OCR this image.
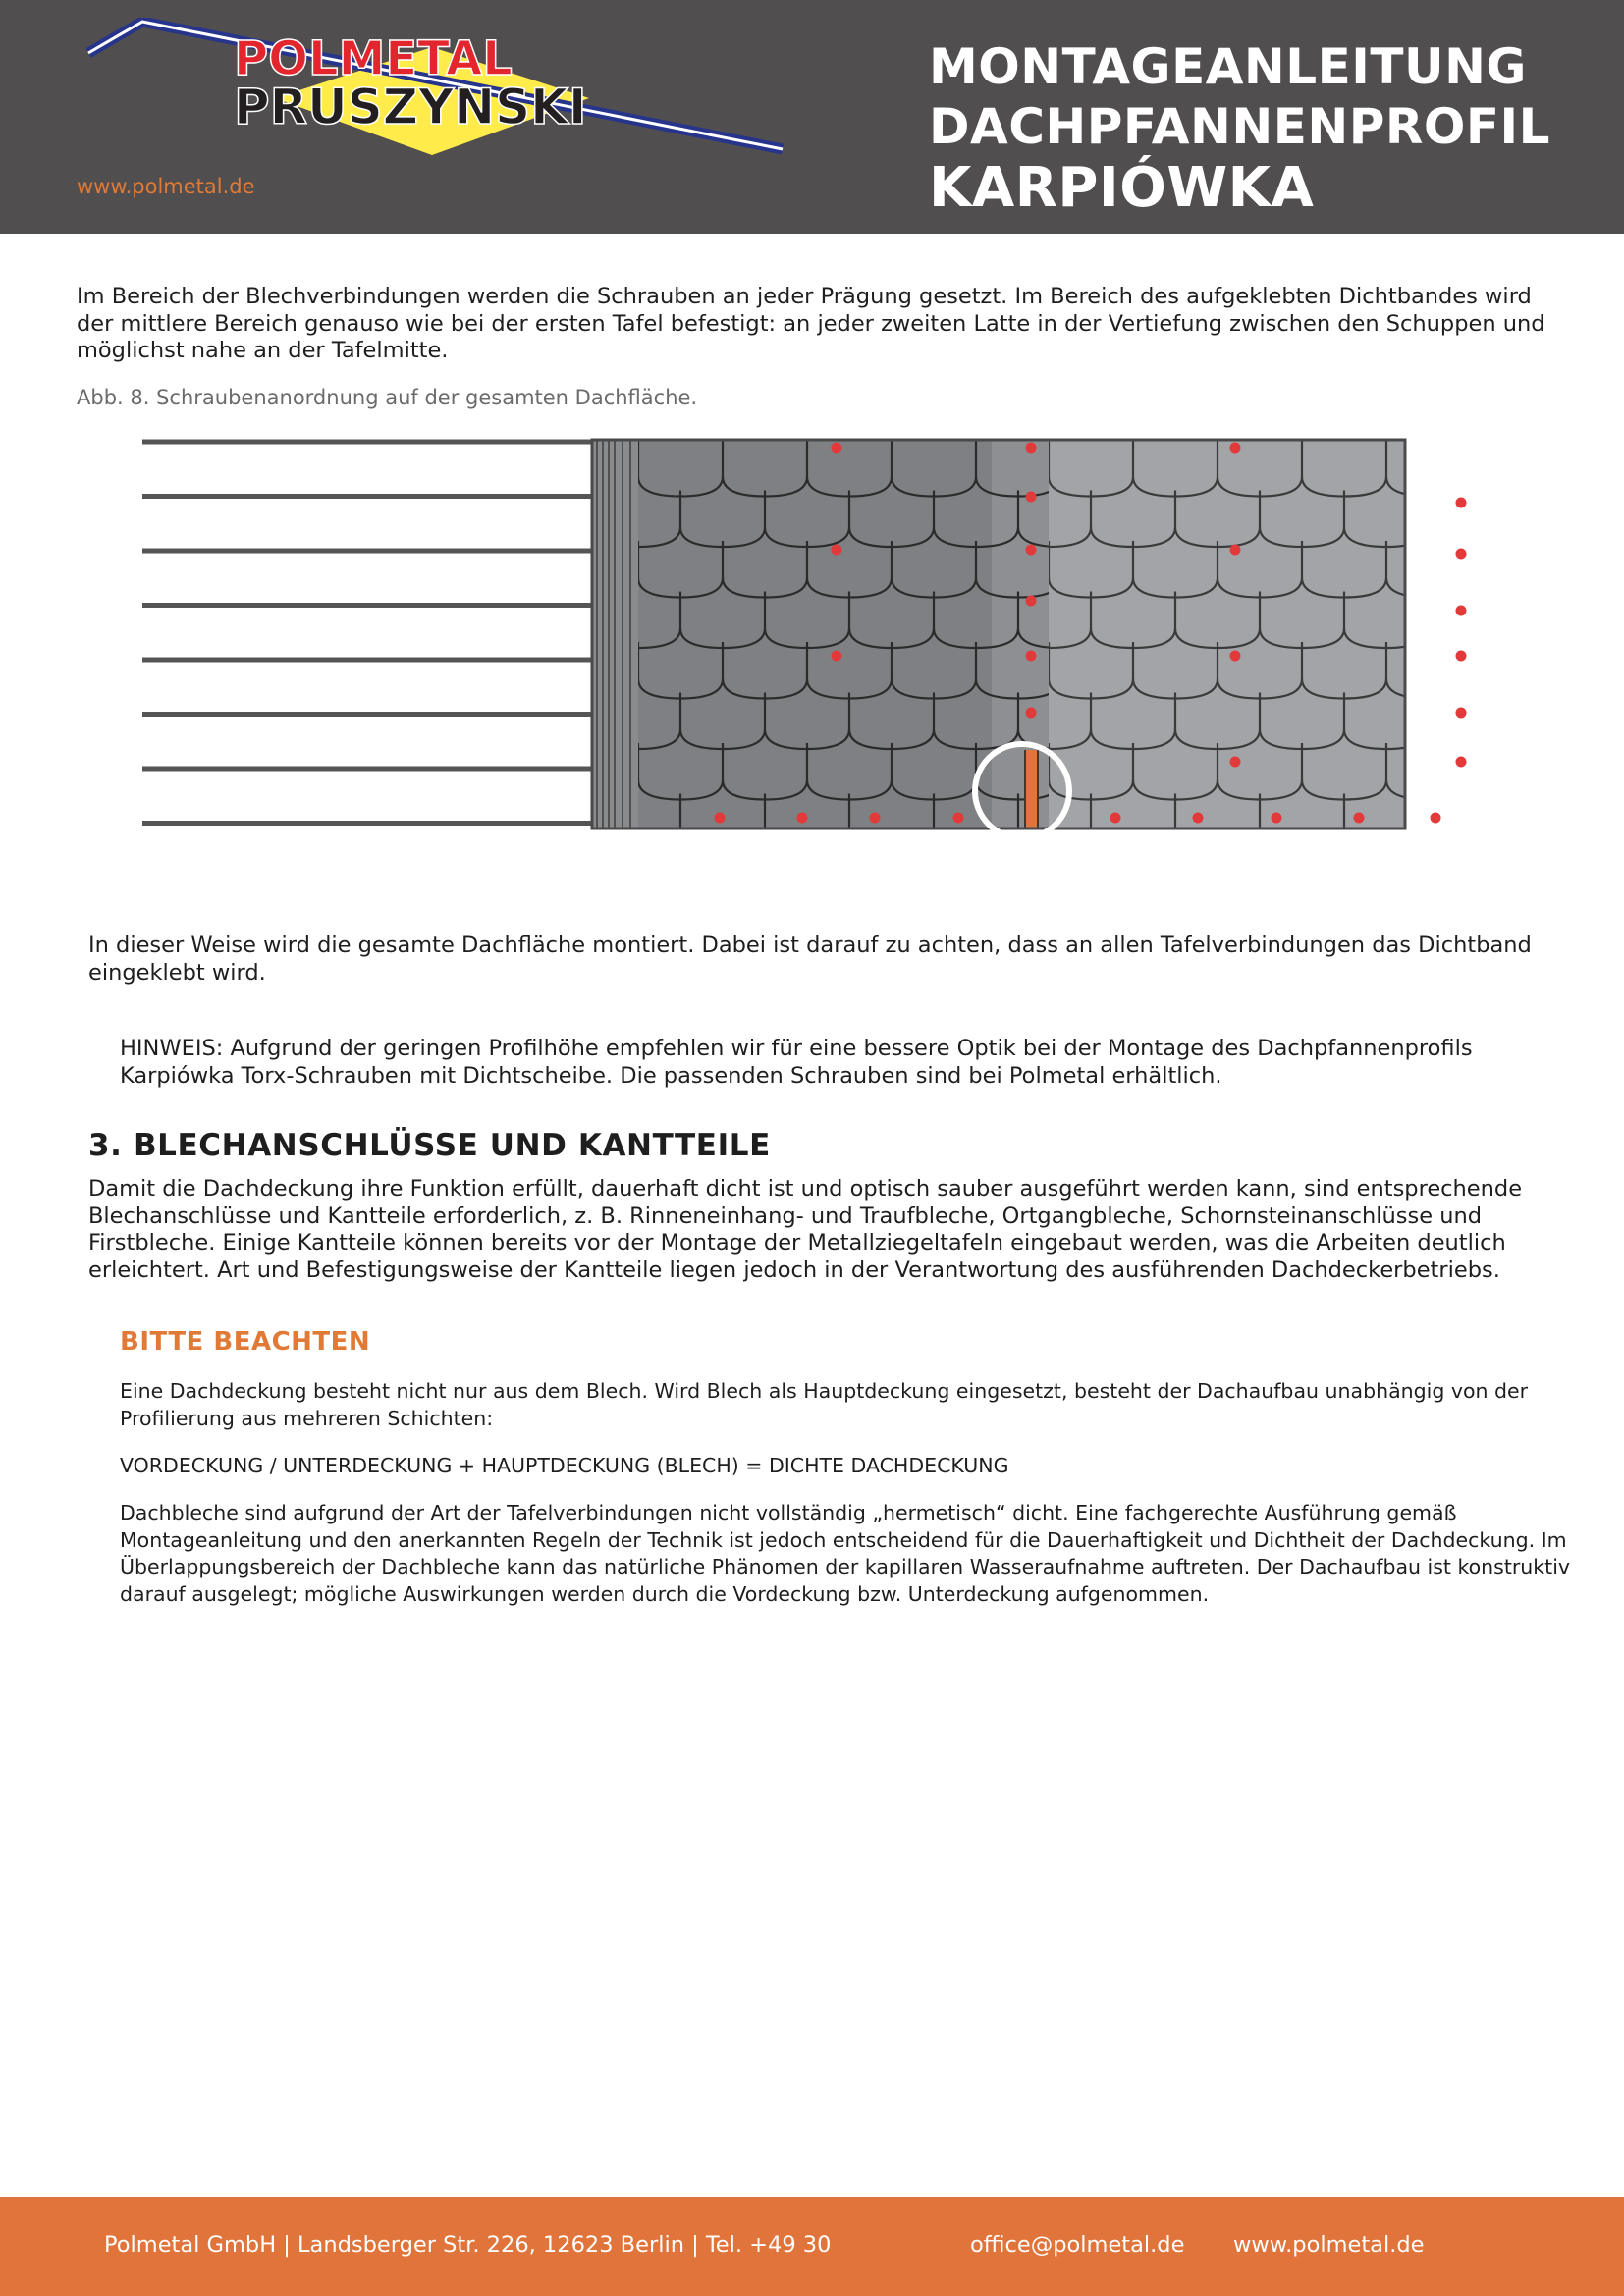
POLMETAL
PRUSZYNSKI
www.polmetal.de
MONTAGEANLEITUNG
DACHPFANNENPROFIL
KARPIÓWKA
Im Bereich der Blechverbindungen werden die Schrauben an jeder Prägung gesetzt. Im Bereich des aufgeklebten Dichtbandes wird der mittlere Bereich genauso wie bei der ersten Tafel befestigt: an jeder zweiten Latte in der Vertiefung zwischen den Schuppen und möglichst nahe an der Tafelmitte.
Abb. 8. Schraubenanordnung auf der gesamten Dachfläche.
In dieser Weise wird die gesamte Dachfläche montiert. Dabei ist darauf zu achten, dass an allen Tafelverbindungen das Dichtband eingeklebt wird.
HINWEIS: Aufgrund der geringen Profilhöhe empfehlen wir für eine bessere Optik bei der Montage des Dachpfannenprofils Karpiówka Torx-Schrauben mit Dichtscheibe. Die passenden Schrauben sind bei Polmetal erhältlich.
3. BLECHANSCHLÜSSE UND KANTTEILE
Damit die Dachdeckung ihre Funktion erfüllt, dauerhaft dicht ist und optisch sauber ausgeführt werden kann, sind entsprechende Blechanschlüsse und Kantteile erforderlich, z. B. Rinneneinhang- und Traufbleche, Ortgangbleche, Schornsteinanschlüsse und Firstbleche. Einige Kantteile können bereits vor der Montage der Metallziegeltafeln eingebaut werden, was die Arbeiten deutlich erleichtert. Art und Befestigungsweise der Kantteile liegen jedoch in der Verantwortung des ausführenden Dachdeckerbetriebs.
BITTE BEACHTEN
Eine Dachdeckung besteht nicht nur aus dem Blech. Wird Blech als Hauptdeckung eingesetzt, besteht der Dachaufbau unabhängig von der Profilierung aus mehreren Schichten:
VORDECKUNG / UNTERDECKUNG + HAUPTDECKUNG (BLECH) = DICHTE DACHDECKUNG
Dachbleche sind aufgrund der Art der Tafelverbindungen nicht vollständig „hermetisch“ dicht. Eine fachgerechte Ausführung gemäß Montageanleitung und den anerkannten Regeln der Technik ist jedoch entscheidend für die Dauerhaftigkeit und Dichtheit der Dachdeckung. Im Überlappungsbereich der Dachbleche kann das natürliche Phänomen der kapillaren Wasseraufnahme auftreten. Der Dachaufbau ist konstruktiv darauf ausgelegt; mögliche Auswirkungen werden durch die Vordeckung bzw. Unterdeckung aufgenommen.
Polmetal GmbH | Landsberger Str. 226, 12623 Berlin | Tel. +49 30	office@polmetal.de www.polmetal.de
